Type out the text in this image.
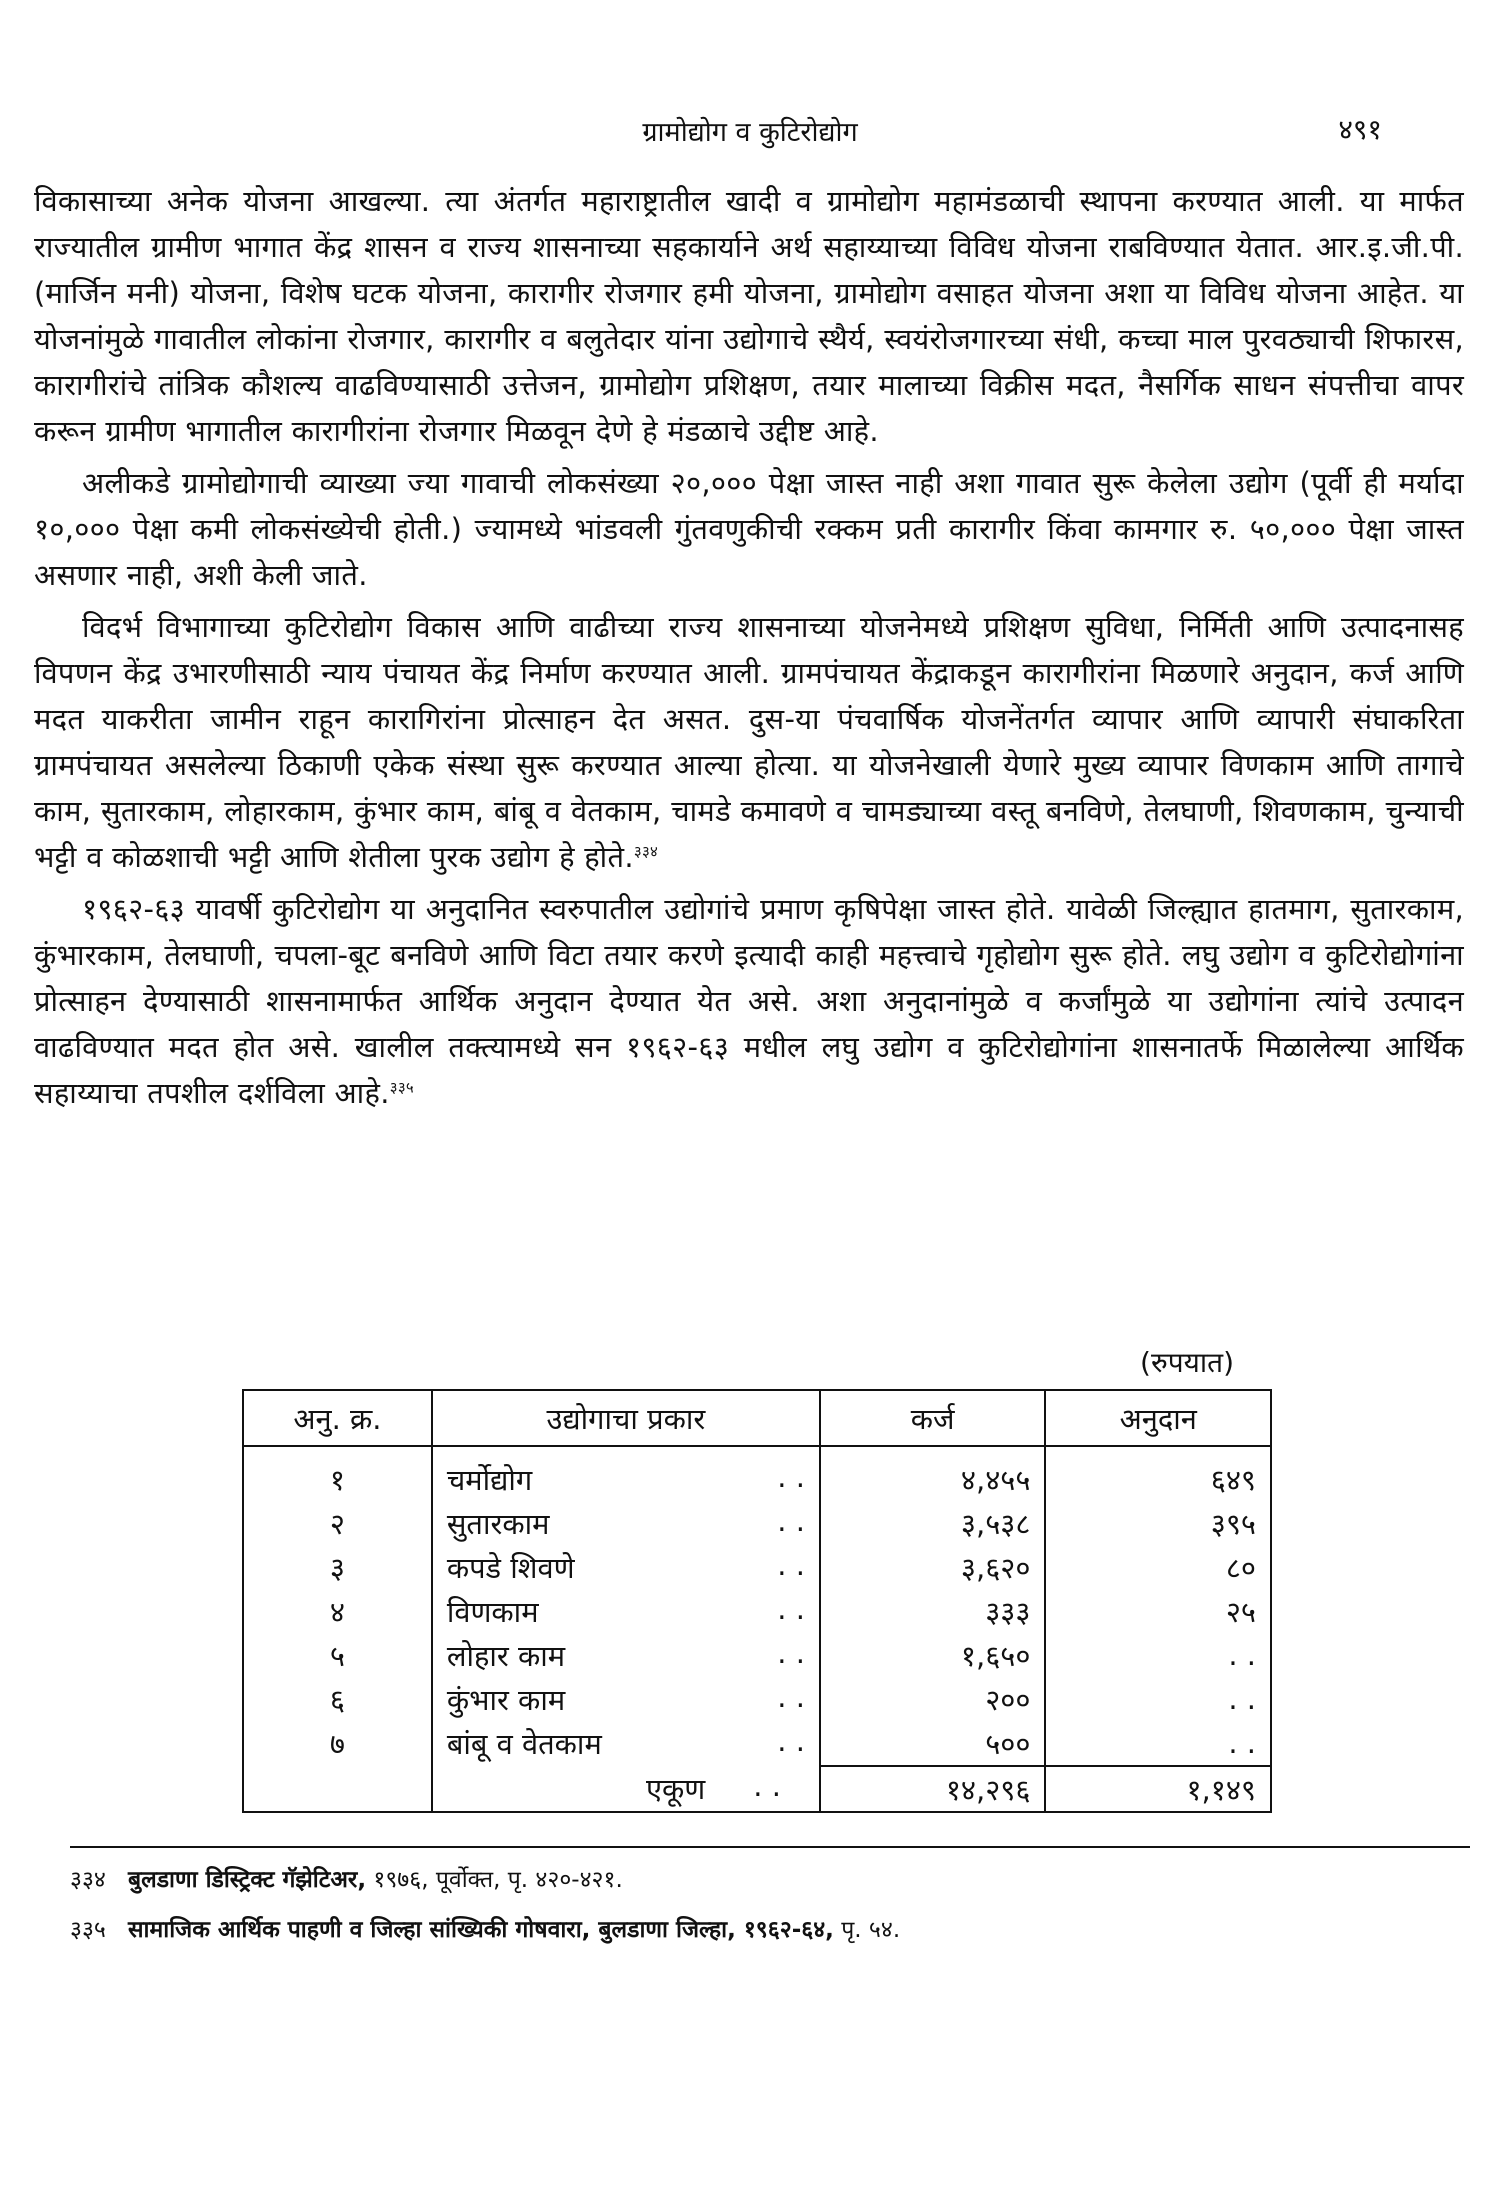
ग्रामोद्योग व कुटिरोद्योग	४९१

विकासाच्या अनेक योजना आखल्या. त्या अंतर्गत महाराष्ट्रातील खादी व ग्रामोद्योग महामंडळाची स्थापना करण्यात आली. या मार्फत राज्यातील ग्रामीण भागात केंद्र शासन व राज्य शासनाच्या सहकार्याने अर्थ सहाय्याच्या विविध योजना राबविण्यात येतात. आर.इ.जी.पी. (मार्जिन मनी) योजना, विशेष घटक योजना, कारागीर रोजगार हमी योजना, ग्रामोद्योग वसाहत योजना अशा या विविध योजना आहेत. या योजनांमुळे गावातील लोकांना रोजगार, कारागीर व बलुतेदार यांना उद्योगाचे स्थैर्य, स्वयंरोजगारच्या संधी, कच्चा माल पुरवठ्याची शिफारस, कारागीरांचे तांत्रिक कौशल्य वाढविण्यासाठी उत्तेजन, ग्रामोद्योग प्रशिक्षण, तयार मालाच्या विक्रीस मदत, नैसर्गिक साधन संपत्तीचा वापर करून ग्रामीण भागातील कारागीरांना रोजगार मिळवून देणे हे मंडळाचे उद्दीष्ट आहे.

अलीकडे ग्रामोद्योगाची व्याख्या ज्या गावाची लोकसंख्या २०,००० पेक्षा जास्त नाही अशा गावात सुरू केलेला उद्योग (पूर्वी ही मर्यादा १०,००० पेक्षा कमी लोकसंख्येची होती.) ज्यामध्ये भांडवली गुंतवणुकीची रक्कम प्रती कारागीर किंवा कामगार रु. ५०,००० पेक्षा जास्त असणार नाही, अशी केली जाते.

विदर्भ विभागाच्या कुटिरोद्योग विकास आणि वाढीच्या राज्य शासनाच्या योजनेमध्ये प्रशिक्षण सुविधा, निर्मिती आणि उत्पादनासह विपणन केंद्र उभारणीसाठी न्याय पंचायत केंद्र निर्माण करण्यात आली. ग्रामपंचायत केंद्राकडून कारागीरांना मिळणारे अनुदान, कर्ज आणि मदत याकरीता जामीन राहून कारागिरांना प्रोत्साहन देत असत. दुस-या पंचवार्षिक योजनेंतर्गत व्यापार आणि व्यापारी संघाकरिता ग्रामपंचायत असलेल्या ठिकाणी एकेक संस्था सुरू करण्यात आल्या होत्या. या योजनेखाली येणारे मुख्य व्यापार विणकाम आणि तागाचे काम, सुतारकाम, लोहारकाम, कुंभार काम, बांबू व वेतकाम, चामडे कमावणे व चामड्याच्या वस्तू बनविणे, तेलघाणी, शिवणकाम, चुन्याची भट्टी व कोळशाची भट्टी आणि शेतीला पुरक उद्योग हे होते.$^{३३४}$

१९६२-६३ यावर्षी कुटिरोद्योग या अनुदानित स्वरुपातील उद्योगांचे प्रमाण कृषिपेक्षा जास्त होते. यावेळी जिल्ह्यात हातमाग, सुतारकाम, कुंभारकाम, तेलघाणी, चपला-बूट बनविणे आणि विटा तयार करणे इत्यादी काही महत्त्वाचे गृहोद्योग सुरू होते. लघु उद्योग व कुटिरोद्योगांना प्रोत्साहन देण्यासाठी शासनामार्फत आर्थिक अनुदान देण्यात येत असे. अशा अनुदानांमुळे व कर्जांमुळे या उद्योगांना त्यांचे उत्पादन वाढविण्यात मदत होत असे. खालील तक्त्यामध्ये सन १९६२-६३ मधील लघु उद्योग व कुटिरोद्योगांना शासनातर्फे मिळालेल्या आर्थिक सहाय्याचा तपशील दर्शविला आहे.$^{३३५}$

(रुपयात)
अनु. क्र.	उद्योगाचा प्रकार	कर्ज	अनुदान
१	चर्मोद्योग . .	४,४५५	६४९
२	सुतारकाम . .	३,५३८	३९५
३	कपडे शिवणे . .	३,६२०	८०
४	विणकाम . .	३३३	२५
५	लोहार काम . .	१,६५०	. .
६	कुंभार काम . .	२००	. .
७	बांबू व वेतकाम . .	५००	. .

	एकूण . .	१४,२९६	१,१४९

३३४ बुलडाणा डिस्ट्रिक्ट गॅझेटिअर, १९७६, पूर्वोक्त, पृ. ४२०-४२१.

३३५ सामाजिक आर्थिक पाहणी व जिल्हा सांख्यिकी गोषवारा, बुलडाणा जिल्हा, १९६२-६४, पृ. ५४.
